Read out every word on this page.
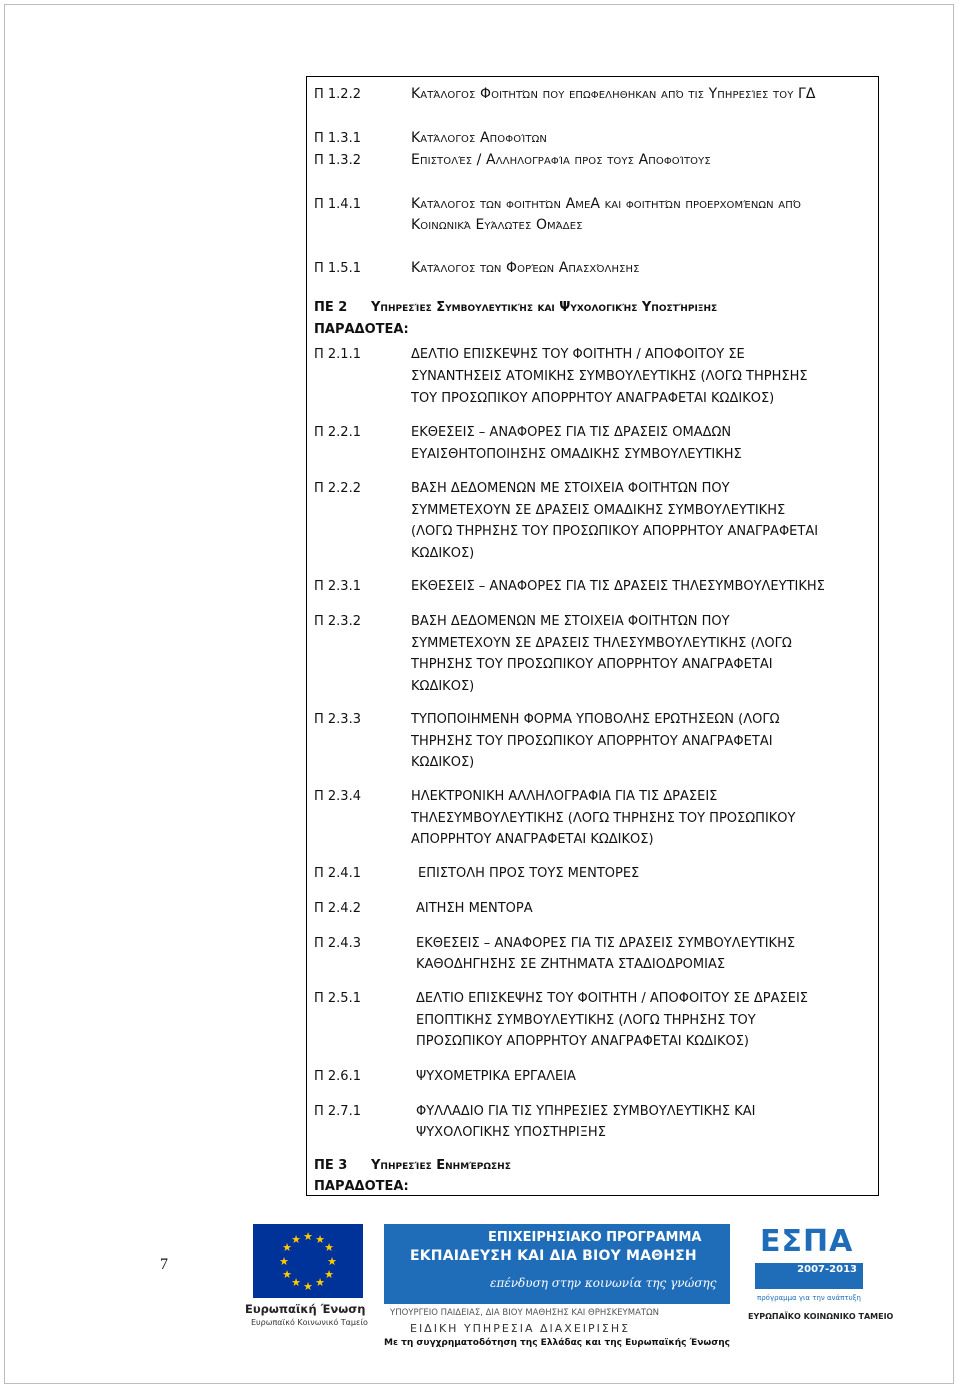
Π 1.2.2	Κατάλογος Φοιτητών που επωφεληθηκαν από τις Υπηρεσίες του ΓΔ
Π 1.3.1	Κατάλογος Αποφοίτων
Π 1.3.2	Επιστολές / Αλληλογραφία προς τους Αποφοίτους
Π 1.4.1	Κατάλογος των φοιτητών ΑμεΑ και φοιτητών προερχομένων από
Κοινωνικά Ευάλωτες Ομάδες
Π 1.5.1	Κατάλογος των Φορέων Απασχόλησης
ΠΕ 2	Υπηρεσίες Συμβουλευτικής και Ψυχολογικής Υποστήριξης
ΠΑΡΑΔΟΤΕΑ:
Π 2.1.1	ΔΕΛΤΙΟ ΕΠΙΣΚΕΨΗΣ ΤΟΥ ΦΟΙΤΗΤΗ / ΑΠΟΦΟΙΤΟΥ ΣΕ
ΣΥΝΑΝΤΗΣΕΙΣ ΑΤΟΜΙΚΗΣ ΣΥΜΒΟΥΛΕΥΤΙΚΗΣ (ΛΟΓΩ ΤΗΡΗΣΗΣ
ΤΟΥ ΠΡΟΣΩΠΙΚΟΥ ΑΠΟΡΡΗΤΟΥ ΑΝΑΓΡΑΦΕΤΑΙ ΚΩΔΙΚΟΣ)
Π 2.2.1	ΕΚΘΕΣΕΙΣ – ΑΝΑΦΟΡΕΣ ΓΙΑ ΤΙΣ ΔΡΑΣΕΙΣ ΟΜΑΔΩΝ
ΕΥΑΙΣΘΗΤΟΠΟΙΗΣΗΣ ΟΜΑΔΙΚΗΣ ΣΥΜΒΟΥΛΕΥΤΙΚΗΣ
Π 2.2.2	ΒΑΣΗ ΔΕΔΟΜΕΝΩΝ ΜΕ ΣΤΟΙΧΕΙΑ ΦΟΙΤΗΤΩΝ ΠΟΥ
ΣΥΜΜΕΤΕΧΟΥΝ ΣΕ ΔΡΑΣΕΙΣ ΟΜΑΔΙΚΗΣ ΣΥΜΒΟΥΛΕΥΤΙΚΗΣ
(ΛΟΓΩ ΤΗΡΗΣΗΣ ΤΟΥ ΠΡΟΣΩΠΙΚΟΥ ΑΠΟΡΡΗΤΟΥ ΑΝΑΓΡΑΦΕΤΑΙ
ΚΩΔΙΚΟΣ)
Π 2.3.1	ΕΚΘΕΣΕΙΣ – ΑΝΑΦΟΡΕΣ ΓΙΑ ΤΙΣ ΔΡΑΣΕΙΣ ΤΗΛΕΣΥΜΒΟΥΛΕΥΤΙΚΗΣ
Π 2.3.2	ΒΑΣΗ ΔΕΔΟΜΕΝΩΝ ΜΕ ΣΤΟΙΧΕΙΑ ΦΟΙΤΗΤΩΝ ΠΟΥ
ΣΥΜΜΕΤΕΧΟΥΝ ΣΕ ΔΡΑΣΕΙΣ ΤΗΛΕΣΥΜΒΟΥΛΕΥΤΙΚΗΣ (ΛΟΓΩ
ΤΗΡΗΣΗΣ ΤΟΥ ΠΡΟΣΩΠΙΚΟΥ ΑΠΟΡΡΗΤΟΥ ΑΝΑΓΡΑΦΕΤΑΙ
ΚΩΔΙΚΟΣ)
Π 2.3.3	ΤΥΠΟΠΟΙΗΜΕΝΗ ΦΟΡΜΑ ΥΠΟΒΟΛΗΣ ΕΡΩΤΗΣΕΩΝ (ΛΟΓΩ
ΤΗΡΗΣΗΣ ΤΟΥ ΠΡΟΣΩΠΙΚΟΥ ΑΠΟΡΡΗΤΟΥ ΑΝΑΓΡΑΦΕΤΑΙ
ΚΩΔΙΚΟΣ)
Π 2.3.4	ΗΛΕΚΤΡΟΝΙΚΗ ΑΛΛΗΛΟΓΡΑΦΙΑ ΓΙΑ ΤΙΣ ΔΡΑΣΕΙΣ
ΤΗΛΕΣΥΜΒΟΥΛΕΥΤΙΚΗΣ (ΛΟΓΩ ΤΗΡΗΣΗΣ ΤΟΥ ΠΡΟΣΩΠΙΚΟΥ
ΑΠΟΡΡΗΤΟΥ ΑΝΑΓΡΑΦΕΤΑΙ ΚΩΔΙΚΟΣ)
Π 2.4.1	ΕΠΙΣΤΟΛΗ ΠΡΟΣ ΤΟΥΣ ΜΕΝΤΟΡΕΣ
Π 2.4.2	ΑΙΤΗΣΗ ΜΕΝΤΟΡΑ
Π 2.4.3	ΕΚΘΕΣΕΙΣ – ΑΝΑΦΟΡΕΣ ΓΙΑ ΤΙΣ ΔΡΑΣΕΙΣ ΣΥΜΒΟΥΛΕΥΤΙΚΗΣ
ΚΑΘΟΔΗΓΗΣΗΣ ΣΕ ΖΗΤΗΜΑΤΑ ΣΤΑΔΙΟΔΡΟΜΙΑΣ
Π 2.5.1	ΔΕΛΤΙΟ ΕΠΙΣΚΕΨΗΣ ΤΟΥ ΦΟΙΤΗΤΗ / ΑΠΟΦΟΙΤΟΥ ΣΕ ΔΡΑΣΕΙΣ
ΕΠΟΠΤΙΚΗΣ ΣΥΜΒΟΥΛΕΥΤΙΚΗΣ (ΛΟΓΩ ΤΗΡΗΣΗΣ ΤΟΥ
ΠΡΟΣΩΠΙΚΟΥ ΑΠΟΡΡΗΤΟΥ ΑΝΑΓΡΑΦΕΤΑΙ ΚΩΔΙΚΟΣ)
Π 2.6.1	ΨΥΧΟΜΕΤΡΙΚΑ ΕΡΓΑΛΕΙΑ
Π 2.7.1	ΦΥΛΛΑΔΙΟ ΓΙΑ ΤΙΣ ΥΠΗΡΕΣΙΕΣ ΣΥΜΒΟΥΛΕΥΤΙΚΗΣ ΚΑΙ
ΨΥΧΟΛΟΓΙΚΗΣ ΥΠΟΣΤΗΡΙΞΗΣ
ΠΕ 3	Υπηρεσίες Ενημέρωσης
ΠΑΡΑΔΟΤΕΑ:
7
★ ★
★
★
★
★
★
★
★
★
★
★
Ευρωπαϊκή Ένωση
Ευρωπαϊκό Κοινωνικό Ταμείο
ΕΠΙΧΕΙΡΗΣΙΑΚΟ ΠΡΟΓΡΑΜΜΑ
ΕΚΠΑΙΔΕΥΣΗ ΚΑΙ ΔΙΑ ΒΙΟΥ ΜΑΘΗΣΗ
επένδυση στην κοινωνία της γνώσης
ΥΠΟΥΡΓΕΙΟ ΠΑΙΔΕΙΑΣ, ΔΙΑ ΒΙΟΥ ΜΑΘΗΣΗΣ ΚΑΙ ΘΡΗΣΚΕΥΜΑΤΩΝ
ΕΙΔΙΚΗ ΥΠΗΡΕΣΙΑ ΔΙΑΧΕΙΡΙΣΗΣ
Με τη συγχρηματοδότηση της Ελλάδας και της Ευρωπαϊκής Ένωσης
ΕΣΠΑ
2007-2013
πρόγραμμα για την ανάπτυξη
ΕΥΡΩΠΑΪΚΟ ΚΟΙΝΩΝΙΚΟ ΤΑΜΕΙΟ
